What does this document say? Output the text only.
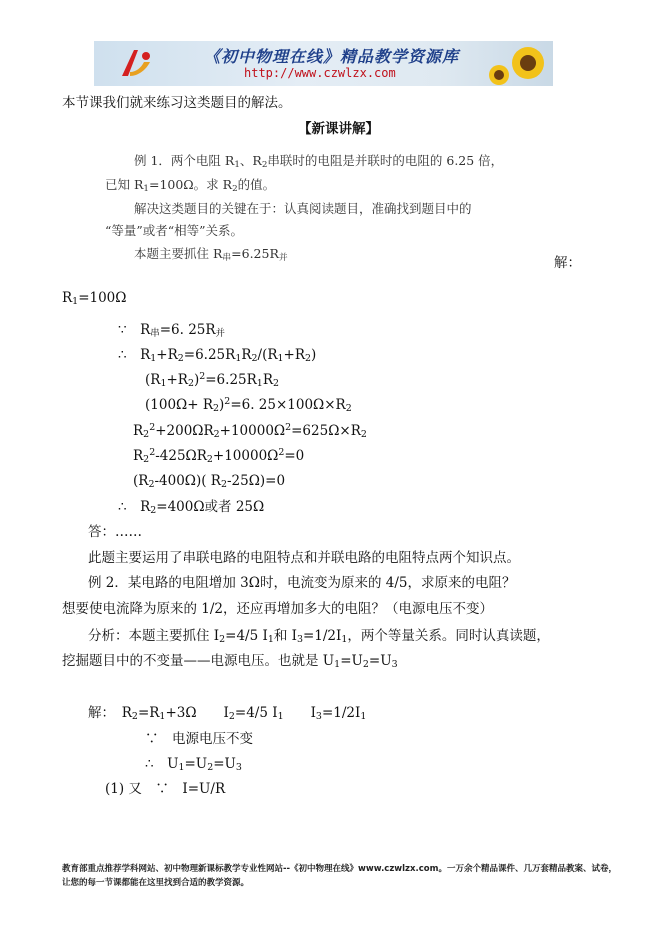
《初中物理在线》精品教学资源库
http://www.czwlzx.com
本节课我们就来练习这类题目的解法。
【新课讲解】
例 1．两个电阻 $R_1$、$R_2$串联时的电阻是并联时的电阻的 6.25 倍，
已知 $R_1=100\Omega$。求 $R_2$的值。
解决这类题目的关键在于：认真阅读题目，准确找到题目中的
“等量”或者“相等”关系。
本题主要抓住 $R_串=6.25R_并$	解：
$R_1=100\Omega$
∵　$R_串=6$. $25R_并$
∴　$R_1+R_2=6.25R_1R_2/(R_1+R_2)$
$(R_1+R_2)^2=6.25R_1R_2$
$(100\Omega+ R_2)^2=6$. $25\times 100\Omega\times R_2$
$R_2^2+200\Omega R_2+10000\Omega^2=625\Omega\times R_2$
$R_2^2-425\Omega R_2+10000\Omega^2=0$
$(R_2-400\Omega)$( $R_2-25\Omega)=0$
∴　$R_2=400\Omega$或者 25Ω
答：……
此题主要运用了串联电路的电阻特点和并联电路的电阻特点两个知识点。
例 2．某电路的电阻增加 3Ω时，电流变为原来的 4/5，求原来的电阻？
想要使电流降为原来的 1/2，还应再增加多大的电阻？（电源电压不变）
分析：本题主要抓住 $I_2=4/5$ $I_1$和 $I_3=1/2I_1$，两个等量关系。同时认真读题，
挖掘题目中的不变量——电源电压。也就是 $U_1=U_2=U_3$
解：　$R_2=R_1+3\Omega$　　$I_2=4/5$ $I_1$　　$I_3=1/2I_1$
∵　电源电压不变
∴　$U_1=U_2=U_3$
(1) 又　∵　I=U/R
教育部重点推荐学科网站、初中物理新课标教学专业性网站--《初中物理在线》www.czwlzx.com。一万余个精品课件、几万套精品教案、试卷，让您的每一节课都能在这里找到合适的教学资源。
